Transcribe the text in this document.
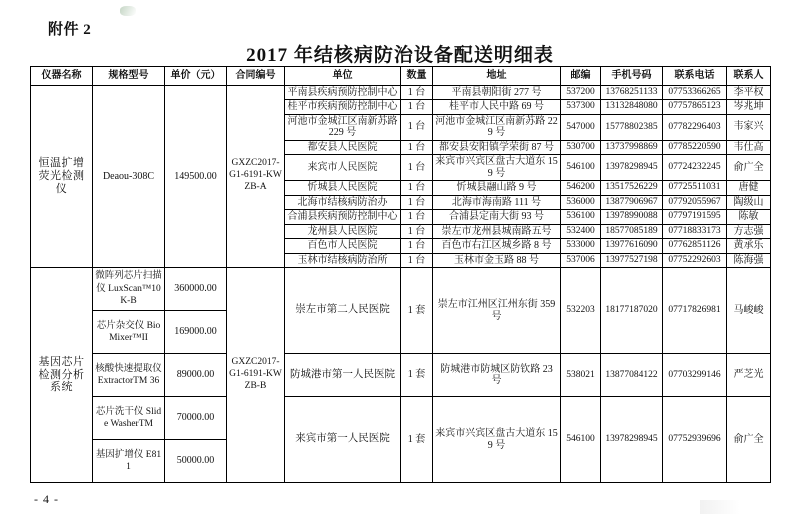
附件 2
2017 年结核病防治设备配送明细表
仪器名称	规格型号	单价（元）	合同编号	单位	数量	地址	邮编	手机号码	联系电话	联系人
恒温扩增荧光检测仪	Deaou-308C	149500.00	GXZC2017-G1-6191-KWZB-A	平南县疾病预防控制中心	1 台	平南县朝阳街 277 号	537200	13768251133	07753366265	李平权
				桂平市疾病预防控制中心	1 台	桂平市人民中路 69 号	537300	13132848080	07757865123	岑兆坤
				河池市金城江区南新苏路 229 号	1 台	河池市金城江区南新苏路 229 号	547000	15778802385	07782296403	韦家兴
				都安县人民医院	1 台	都安县安阳镇学荣街 87 号	530700	13737998869	07785220590	韦仕高
				来宾市人民医院	1 台	来宾市兴宾区盘古大道东 159 号	546100	13978298945	07724232245	俞广全
				忻城县人民医院	1 台	忻城县翮山路 9 号	546200	13517526229	07725511031	唐健
				北海市结核病防治办	1 台	北海市海南路 111 号	536000	13877906967	07792055967	陶级山
				合浦县疾病预防控制中心	1 台	合浦县定南大街 93 号	536100	13978990088	07797191595	陈敏
				龙州县人民医院	1 台	崇左市龙州县城南路五号	532400	18577085189	07718833173	方志强
				百色市人民医院	1 台	百色市右江区城乡路 8 号	533000	13977616090	07762851126	黄承乐
				玉林市结核病防治所	1 台	玉林市金玉路 88 号	537006	13977527198	07752292603	陈海强
基因芯片检测分析系统	微阵列芯片扫描仪 LuxScan™10K-B	360000.00	GXZC2017-G1-6191-KWZB-B	崇左市第二人民医院	1 套	崇左市江州区江州东街 359 号	532203	18177187020	07717826981	马峻峻
	芯片杂交仪 BioMixer™II	169000.00								
	核酸快速提取仪 ExtractorTM 36	89000.00		防城港市第一人民医院	1 套	防城港市防城区防钦路 23 号	538021	13877084122	07703299146	严芝光
	芯片洗干仪 Slide WasherTM	70000.00		来宾市第一人民医院	1 套	来宾市兴宾区盘古大道东 159 号	546100	13978298945	07752939696	俞广全
	基因扩增仪 E811	50000.00								
- 4 -
